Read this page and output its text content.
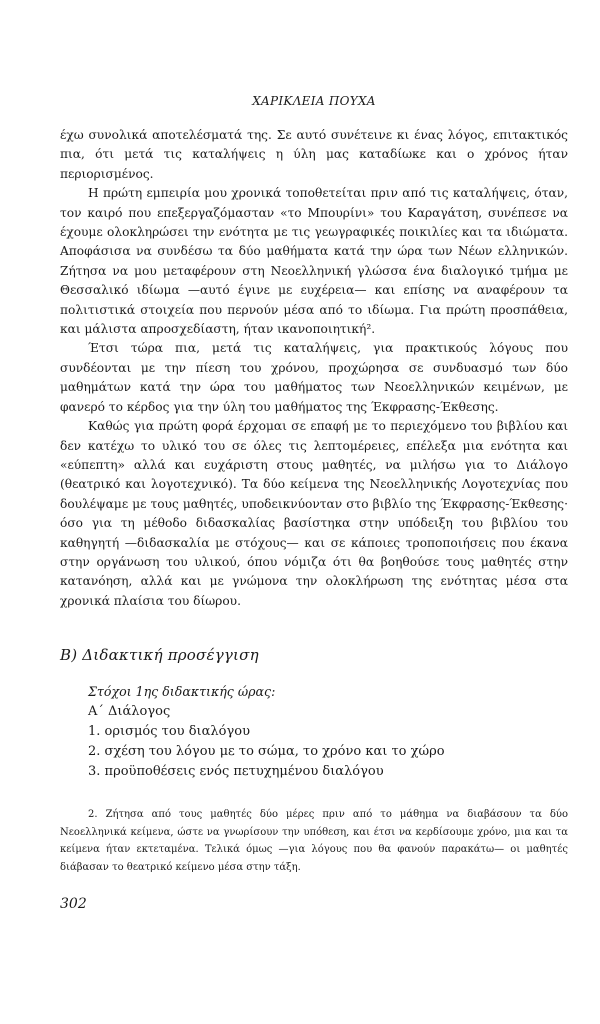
ΧΑΡΙΚΛΕΙΑ ΠΟΥΧΑ

έχω συνολικά αποτελέσματά της. Σε αυτό συνέτεινε κι ένας λόγος, επιτακτικός πια, ότι μετά τις καταλήψεις η ύλη μας καταδίωκε και ο χρόνος ήταν περιορισμένος.

Η πρώτη εμπειρία μου χρονικά τοποθετείται πριν από τις καταλήψεις, όταν, τον καιρό που επεξεργαζόμασταν «το Μπουρίνι» του Καραγάτση, συνέπεσε να έχουμε ολοκληρώσει την ενότητα με τις γεωγραφικές ποικιλίες και τα ιδιώματα. Αποφάσισα να συνδέσω τα δύο μαθήματα κατά την ώρα των Νέων ελληνικών. Ζήτησα να μου μεταφέρουν στη Νεοελληνική γλώσσα ένα διαλογικό τμήμα με Θεσσαλικό ιδίωμα —αυτό έγινε με ευχέρεια— και επίσης να αναφέρουν τα πολιτιστικά στοιχεία που περνούν μέσα από το ιδίωμα. Για πρώτη προσπάθεια, και μάλιστα απροσχεδίαστη, ήταν ικανοποιητική².

Έτσι τώρα πια, μετά τις καταλήψεις, για πρακτικούς λόγους που συνδέονται με την πίεση του χρόνου, προχώρησα σε συνδυασμό των δύο μαθημάτων κατά την ώρα του μαθήματος των Νεοελληνικών κειμένων, με φανερό το κέρδος για την ύλη του μαθήματος της Έκφρασης-Έκθεσης.

Καθώς για πρώτη φορά έρχομαι σε επαφή με το περιεχόμενο του βιβλίου και δεν κατέχω το υλικό του σε όλες τις λεπτομέρειες, επέλεξα μια ενότητα και «εύπεπτη» αλλά και ευχάριστη στους μαθητές, να μιλήσω για το Διάλογο (θεατρικό και λογοτεχνικό). Τα δύο κείμενα της Νεοελληνικής Λογοτεχνίας που δουλέψαμε με τους μαθητές, υποδεικνύονταν στο βιβλίο της Έκφρασης-Έκθεσης· όσο για τη μέθοδο διδασκαλίας βασίστηκα στην υπόδειξη του βιβλίου του καθηγητή —διδασκαλία με στόχους— και σε κάποιες τροποποιήσεις που έκανα στην οργάνωση του υλικού, όπου νόμιζα ότι θα βοηθούσε τους μαθητές στην κατανόηση, αλλά και με γνώμονα την ολοκλήρωση της ενότητας μέσα στα χρονικά πλαίσια του δίωρου.

Β) Διδακτική προσέγγιση
Στόχοι 1ης διδακτικής ώρας:
Α΄ Διάλογος
1. ορισμός του διαλόγου
2. σχέση του λόγου με το σώμα, το χρόνο και το χώρο
3. προϋποθέσεις ενός πετυχημένου διαλόγου

2. Ζήτησα από τους μαθητές δύο μέρες πριν από το μάθημα να διαβάσουν τα δύο Νεοελληνικά κείμενα, ώστε να γνωρίσουν την υπόθεση, και έτσι να κερδίσουμε χρόνο, μια και τα κείμενα ήταν εκτεταμένα. Τελικά όμως —για λόγους που θα φανούν παρακάτω— οι μαθητές διάβασαν το θεατρικό κείμενο μέσα στην τάξη.

302
